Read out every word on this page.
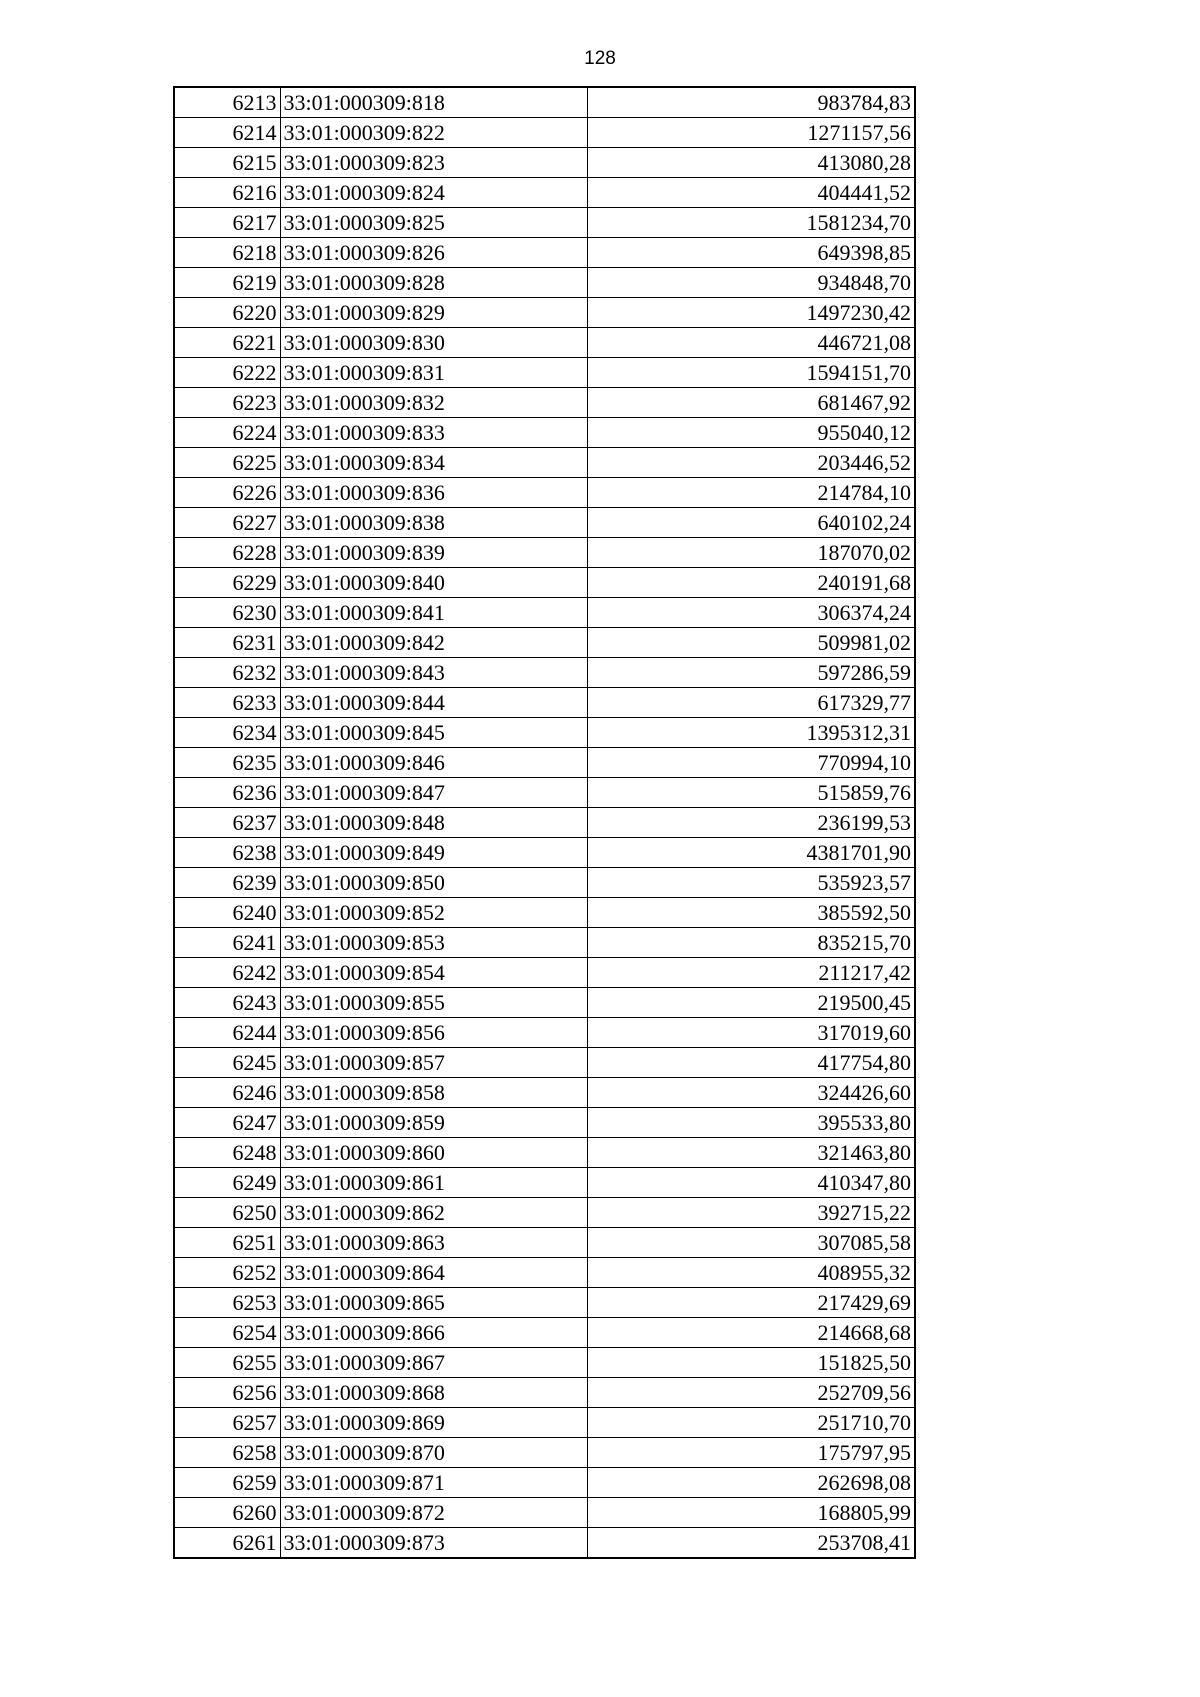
128
6213	33:01:000309:818	983784,83
6214	33:01:000309:822	1271157,56
6215	33:01:000309:823	413080,28
6216	33:01:000309:824	404441,52
6217	33:01:000309:825	1581234,70
6218	33:01:000309:826	649398,85
6219	33:01:000309:828	934848,70
6220	33:01:000309:829	1497230,42
6221	33:01:000309:830	446721,08
6222	33:01:000309:831	1594151,70
6223	33:01:000309:832	681467,92
6224	33:01:000309:833	955040,12
6225	33:01:000309:834	203446,52
6226	33:01:000309:836	214784,10
6227	33:01:000309:838	640102,24
6228	33:01:000309:839	187070,02
6229	33:01:000309:840	240191,68
6230	33:01:000309:841	306374,24
6231	33:01:000309:842	509981,02
6232	33:01:000309:843	597286,59
6233	33:01:000309:844	617329,77
6234	33:01:000309:845	1395312,31
6235	33:01:000309:846	770994,10
6236	33:01:000309:847	515859,76
6237	33:01:000309:848	236199,53
6238	33:01:000309:849	4381701,90
6239	33:01:000309:850	535923,57
6240	33:01:000309:852	385592,50
6241	33:01:000309:853	835215,70
6242	33:01:000309:854	211217,42
6243	33:01:000309:855	219500,45
6244	33:01:000309:856	317019,60
6245	33:01:000309:857	417754,80
6246	33:01:000309:858	324426,60
6247	33:01:000309:859	395533,80
6248	33:01:000309:860	321463,80
6249	33:01:000309:861	410347,80
6250	33:01:000309:862	392715,22
6251	33:01:000309:863	307085,58
6252	33:01:000309:864	408955,32
6253	33:01:000309:865	217429,69
6254	33:01:000309:866	214668,68
6255	33:01:000309:867	151825,50
6256	33:01:000309:868	252709,56
6257	33:01:000309:869	251710,70
6258	33:01:000309:870	175797,95
6259	33:01:000309:871	262698,08
6260	33:01:000309:872	168805,99
6261	33:01:000309:873	253708,41
